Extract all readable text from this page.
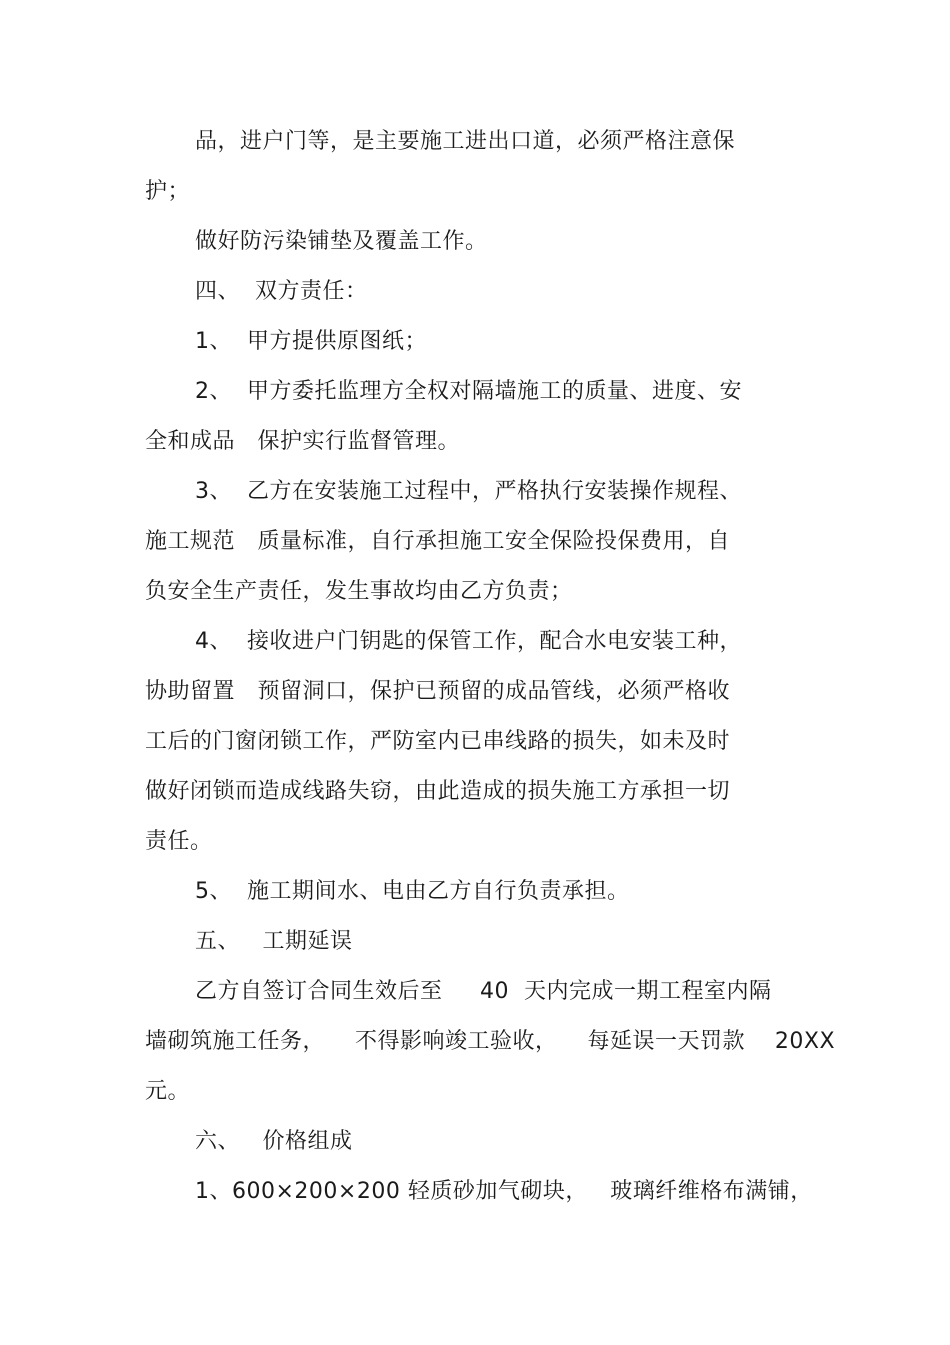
品，进户门等，是主要施工进出口道，必须严格注意保
护；
做好防污染铺垫及覆盖工作。
四、  双方责任：
1、  甲方提供原图纸；
2、  甲方委托监理方全权对隔墙施工的质量、进度、安
全和成品   保护实行监督管理。
3、  乙方在安装施工过程中，严格执行安装操作规程、
施工规范   质量标准，自行承担施工安全保险投保费用，自
负安全生产责任，发生事故均由乙方负责；
4、  接收进户门钥匙的保管工作，配合水电安装工种，
协助留置   预留洞口，保护已预留的成品管线，必须严格收
工后的门窗闭锁工作，严防室内已串线路的损失，如未及时
做好闭锁而造成线路失窃，由此造成的损失施工方承担一切
责任。
5、  施工期间水、电由乙方自行负责承担。
五、   工期延误
乙方自签订合同生效后至     40  天内完成一期工程室内隔
墙砌筑施工任务，    不得影响竣工验收，    每延误一天罚款    20XX
元。
六、   价格组成
1、600×200×200 轻质砂加气砌块，   玻璃纤维格布满铺，
